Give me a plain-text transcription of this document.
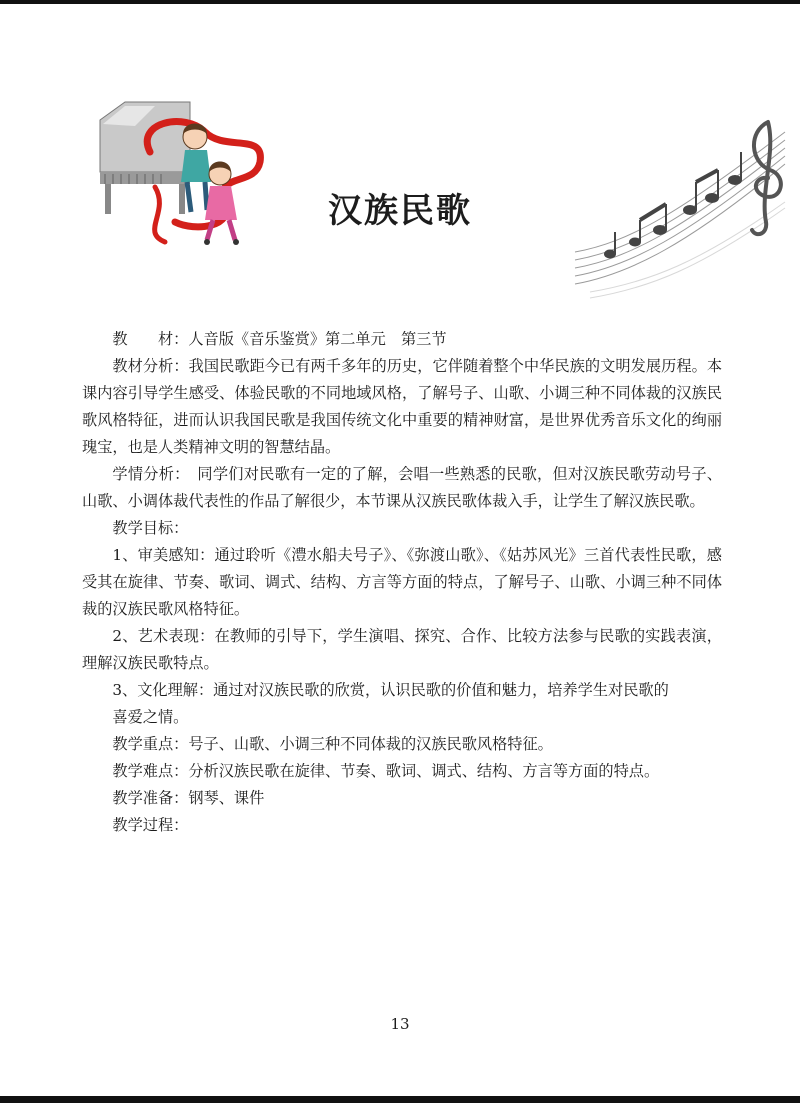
汉族民歌

教　　材：人音版《音乐鉴赏》第二单元　第三节

教材分析：我国民歌距今已有两千多年的历史，它伴随着整个中华民族的文明发展历程。本课内容引导学生感受、体验民歌的不同地域风格，了解号子、山歌、小调三种不同体裁的汉族民歌风格特征，进而认识我国民歌是我国传统文化中重要的精神财富，是世界优秀音乐文化的绚丽瑰宝，也是人类精神文明的智慧结晶。

学情分析：　同学们对民歌有一定的了解，会唱一些熟悉的民歌，但对汉族民歌劳动号子、山歌、小调体裁代表性的作品了解很少，本节课从汉族民歌体裁入手，让学生了解汉族民歌。

教学目标：

1、审美感知：通过聆听《澧水船夫号子》、《弥渡山歌》、《姑苏风光》三首代表性民歌，感受其在旋律、节奏、歌词、调式、结构、方言等方面的特点，了解号子、山歌、小调三种不同体裁的汉族民歌风格特征。

2、艺术表现：在教师的引导下，学生演唱、探究、合作、比较方法参与民歌的实践表演，理解汉族民歌特点。

3、文化理解：通过对汉族民歌的欣赏，认识民歌的价值和魅力，培养学生对民歌的

喜爱之情。

教学重点：号子、山歌、小调三种不同体裁的汉族民歌风格特征。

教学难点：分析汉族民歌在旋律、节奏、歌词、调式、结构、方言等方面的特点。

教学准备：钢琴、课件

教学过程：

13
